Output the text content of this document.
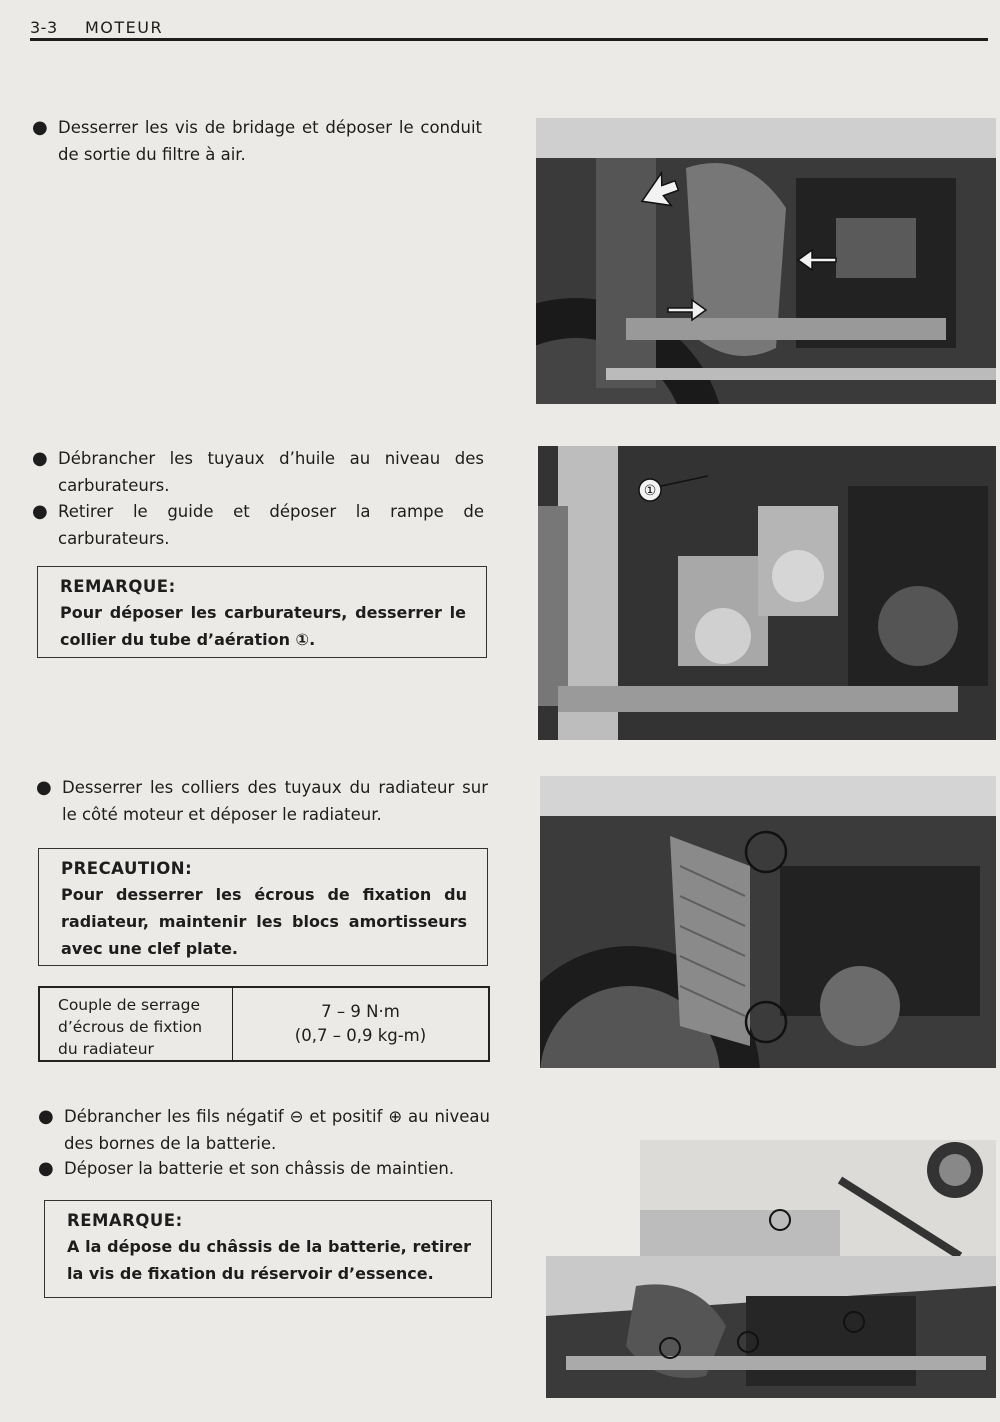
3-3 MOTEUR
● Desserrer les vis de bridage et déposer le conduit de sortie du filtre à air.
● Débrancher les tuyaux d’huile au niveau des carburateurs.
● Retirer le guide et déposer la rampe de carburateurs.
REMARQUE:
Pour déposer les carburateurs, desserrer le collier du tube d’aération ①.
● Desserrer les colliers des tuyaux du radiateur sur le côté moteur et déposer le radiateur.
PRECAUTION:
Pour desserrer les écrous de fixation du radiateur, maintenir les blocs amortisseurs avec une clef plate.
Couple de serrage d’écrous de fixtion du radiateur
7 – 9 N·m
(0,7 – 0,9 kg-m)
● Débrancher les fils négatif ⊖ et positif ⊕ au niveau des bornes de la batterie.
● Déposer la batterie et son châssis de maintien.
REMARQUE:
A la dépose du châssis de la batterie, retirer la vis de fixation du réservoir d’essence.
①
